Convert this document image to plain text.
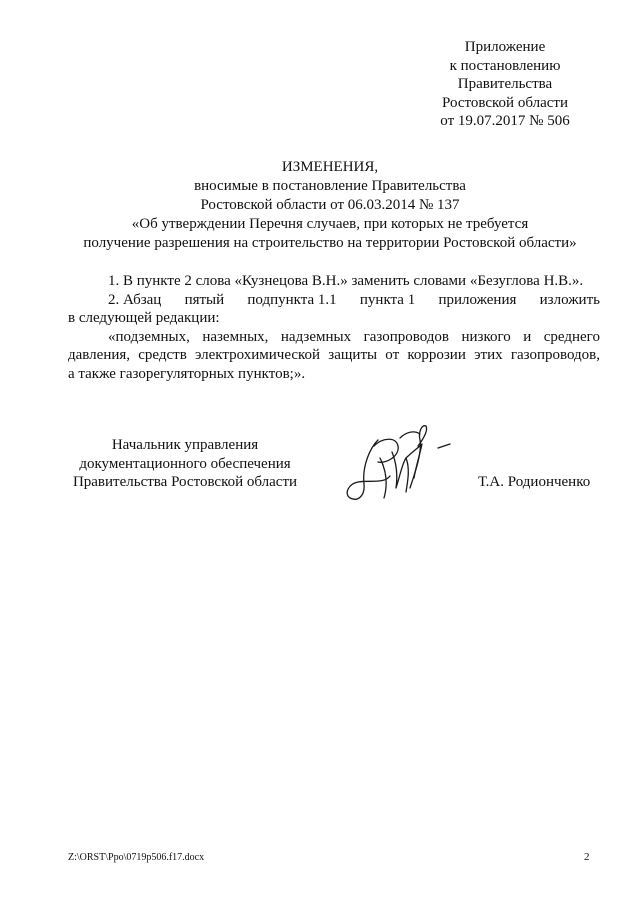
Приложение
к постановлению
Правительства
Ростовской области
от 19.07.2017 № 506
ИЗМЕНЕНИЯ,
вносимые в постановление Правительства
Ростовской области от 06.03.2014 № 137
«Об утверждении Перечня случаев, при которых не требуется
получение разрешения на строительство на территории Ростовской области»
1. В пункте 2 слова «Кузнецова В.Н.» заменить словами «Безуглова Н.В.».
2. Абзац пятый подпункта 1.1 пункта 1 приложения изложить
в следующей редакции:
«подземных, наземных, надземных газопроводов низкого и среднего
давления, средств электрохимической защиты от коррозии этих газопроводов,
а также газорегуляторных пунктов;».
Начальник управления
документационного обеспечения
Правительства Ростовской области	Т.А. Родионченко
Z:\ORST\Ppo\0719p506.f17.docx	2
